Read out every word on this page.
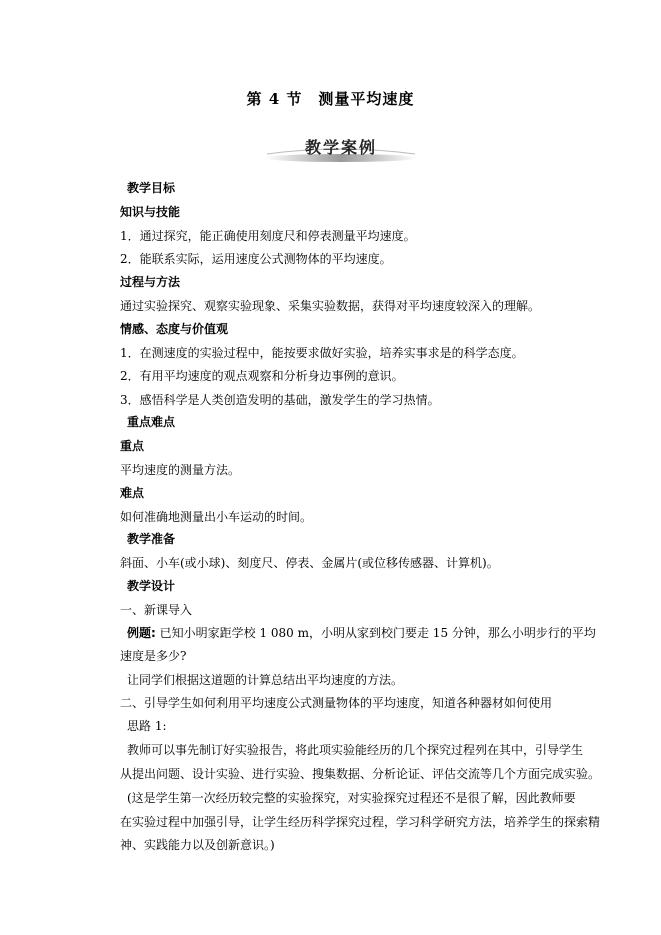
第 4 节　测量平均速度
教学案例
教学目标
知识与技能
1．通过探究，能正确使用刻度尺和停表测量平均速度。
2．能联系实际，运用速度公式测物体的平均速度。
过程与方法
通过实验探究、观察实验现象、采集实验数据，获得对平均速度较深入的理解。
情感、态度与价值观
1．在测速度的实验过程中，能按要求做好实验，培养实事求是的科学态度。
2．有用平均速度的观点观察和分析身边事例的意识。
3．感悟科学是人类创造发明的基础，激发学生的学习热情。
重点难点
重点
平均速度的测量方法。
难点
如何准确地测量出小车运动的时间。
教学准备
斜面、小车(或小球)、刻度尺、停表、金属片(或位移传感器、计算机)。
教学设计
一、新课导入
例题: 已知小明家距学校 1 080 m，小明从家到校门要走 15 分钟，那么小明步行的平均
速度是多少?
让同学们根据这道题的计算总结出平均速度的方法。
二、引导学生如何利用平均速度公式测量物体的平均速度，知道各种器材如何使用
思路 1:
教师可以事先制订好实验报告，将此项实验能经历的几个探究过程列在其中，引导学生
从提出问题、设计实验、进行实验、搜集数据、分析论证、评估交流等几个方面完成实验。
(这是学生第一次经历较完整的实验探究，对实验探究过程还不是很了解，因此教师要
在实验过程中加强引导，让学生经历科学探究过程，学习科学研究方法，培养学生的探索精
神、实践能力以及创新意识。)
